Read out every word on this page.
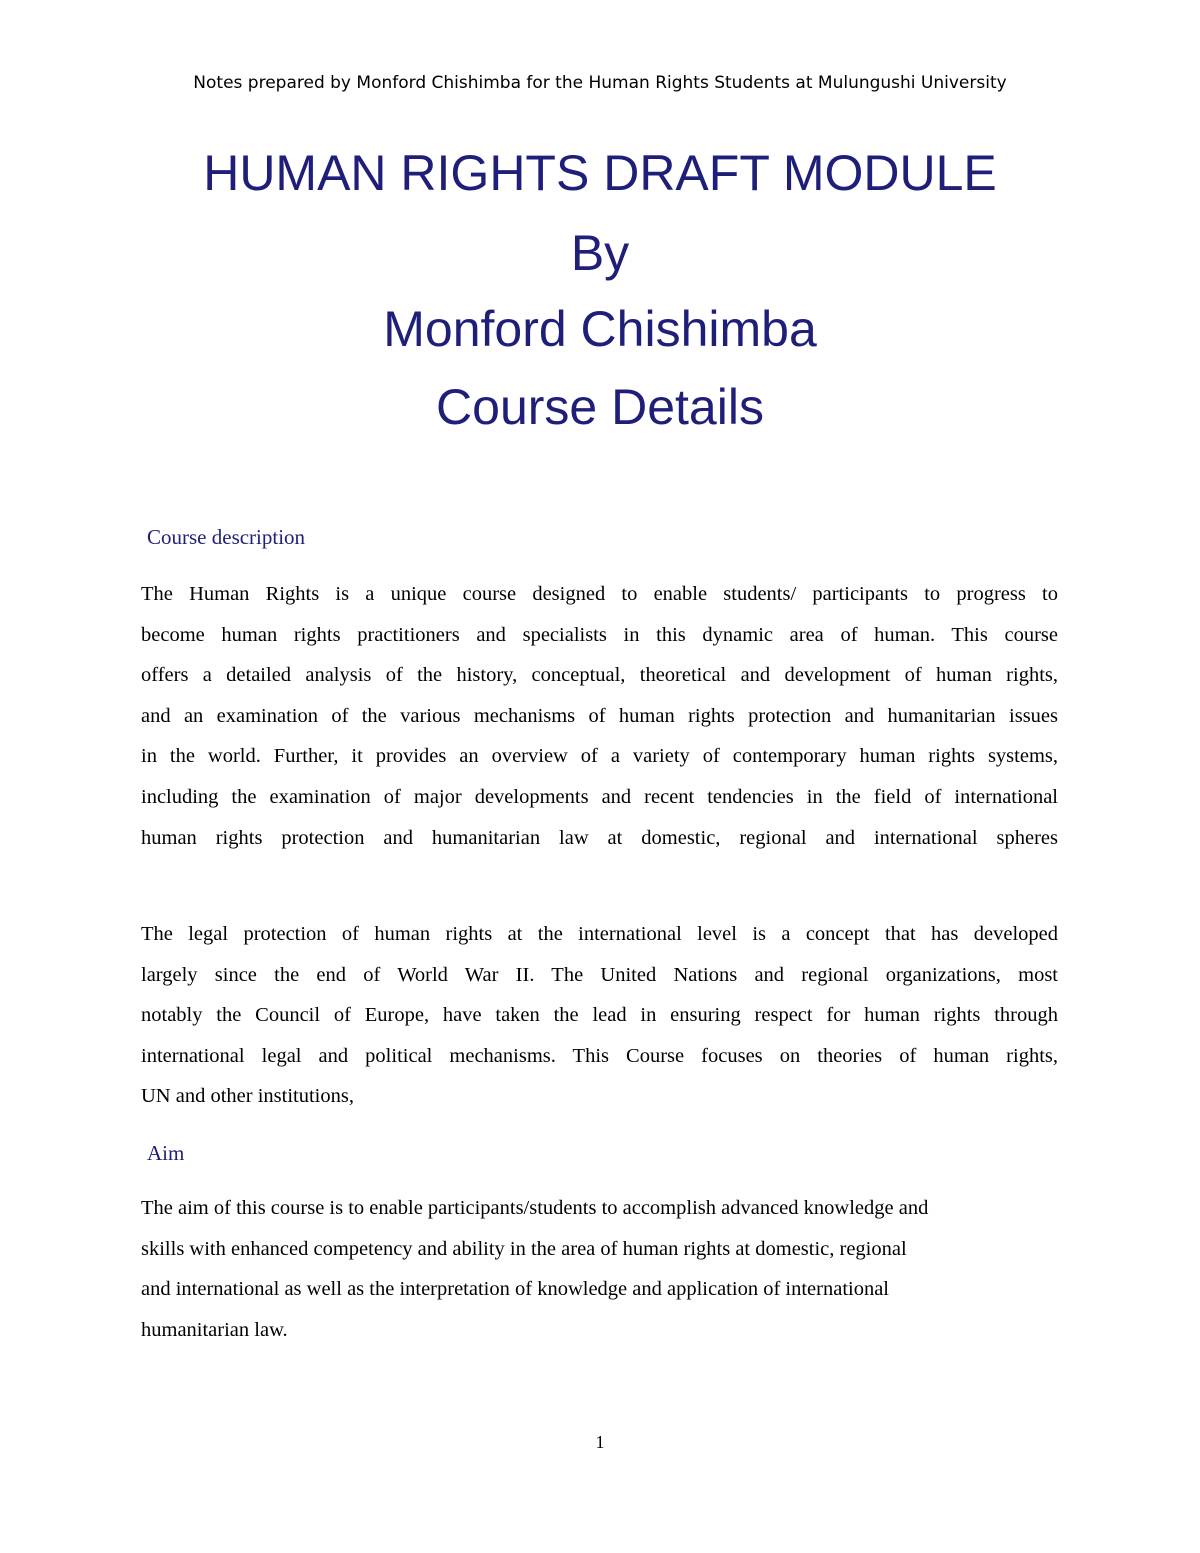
Notes prepared by Monford Chishimba for the Human Rights Students at Mulungushi University
HUMAN RIGHTS DRAFT MODULE
By
Monford Chishimba
Course Details
Course description
The Human Rights is a unique course designed to enable students/ participants to progress to
become human rights practitioners and specialists in this dynamic area of human. This course
offers a detailed analysis of the history, conceptual, theoretical and development of human rights,
and an examination of the various mechanisms of human rights protection and humanitarian issues
in the world. Further, it provides an overview of a variety of contemporary human rights systems,
including the examination of major developments and recent tendencies in the field of international
human rights protection and humanitarian law at domestic, regional and international spheres
The legal protection of human rights at the international level is a concept that has developed
largely since the end of World War II. The United Nations and regional organizations, most
notably the Council of Europe, have taken the lead in ensuring respect for human rights through
international legal and political mechanisms. This Course focuses on theories of human rights,
UN and other institutions,
Aim
The aim of this course is to enable participants/students to accomplish advanced knowledge and
skills with enhanced competency and ability in the area of human rights at domestic, regional
and international as well as the interpretation of knowledge and application of international
humanitarian law.
1
